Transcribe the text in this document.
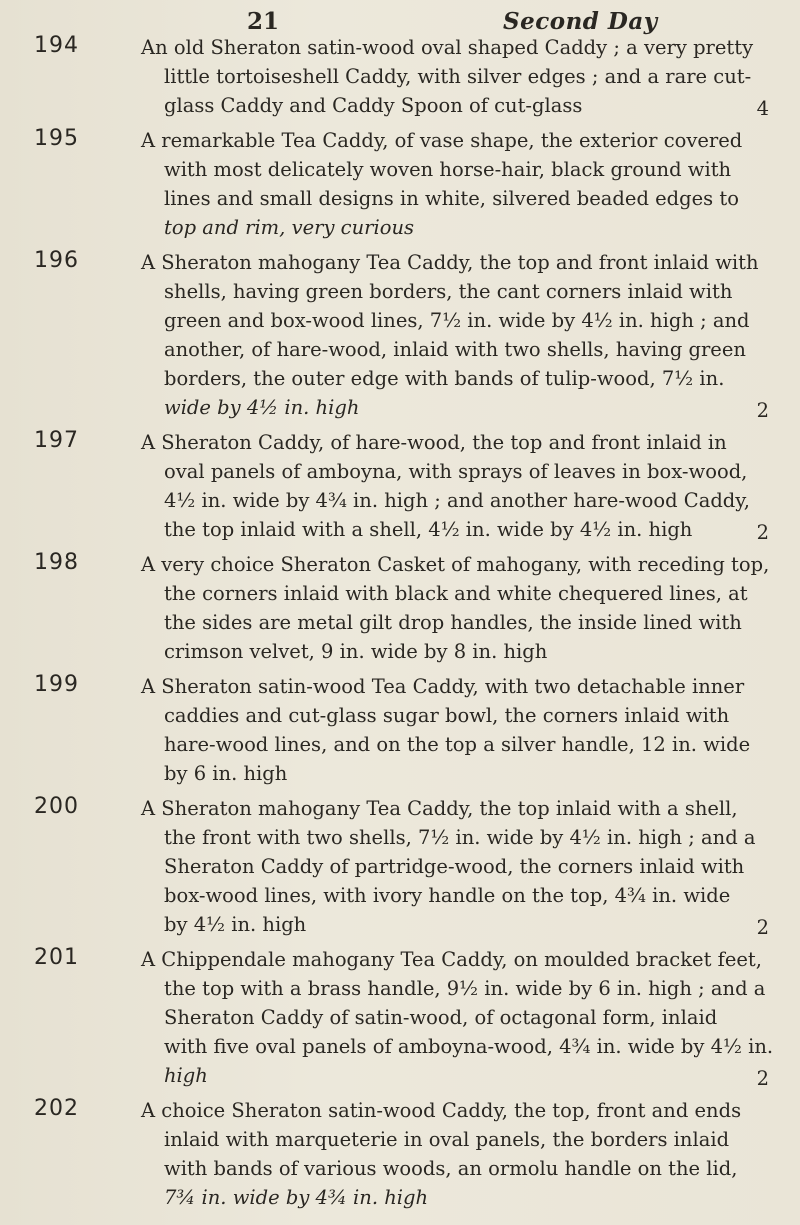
21	Second Day
194	An old Sheraton satin-wood oval shaped Caddy ; a very pretty
little tortoiseshell Caddy, with silver edges ; and a rare cut-
glass Caddy and Caddy Spoon of cut-glass	4
195	A remarkable Tea Caddy, of vase shape, the exterior covered
with most delicately woven horse-hair, black ground with
lines and small designs in white, silvered beaded edges to
top and rim, very curious
196	A Sheraton mahogany Tea Caddy, the top and front inlaid with
shells, having green borders, the cant corners inlaid with
green and box-wood lines, 7½ in. wide by 4½ in. high ; and
another, of hare-wood, inlaid with two shells, having green
borders, the outer edge with bands of tulip-wood, 7½ in.
wide by 4½ in. high	2
197	A Sheraton Caddy, of hare-wood, the top and front inlaid in
oval panels of amboyna, with sprays of leaves in box-wood,
4½ in. wide by 4¾ in. high ; and another hare-wood Caddy,
the top inlaid with a shell, 4½ in. wide by 4½ in. high	2
198	A very choice Sheraton Casket of mahogany, with receding top,
the corners inlaid with black and white chequered lines, at
the sides are metal gilt drop handles, the inside lined with
crimson velvet, 9 in. wide by 8 in. high
199	A Sheraton satin-wood Tea Caddy, with two detachable inner
caddies and cut-glass sugar bowl, the corners inlaid with
hare-wood lines, and on the top a silver handle, 12 in. wide
by 6 in. high
200	A Sheraton mahogany Tea Caddy, the top inlaid with a shell,
the front with two shells, 7½ in. wide by 4½ in. high ; and a
Sheraton Caddy of partridge-wood, the corners inlaid with
box-wood lines, with ivory handle on the top, 4¾ in. wide
by 4½ in. high	2
201	A Chippendale mahogany Tea Caddy, on moulded bracket feet,
the top with a brass handle, 9½ in. wide by 6 in. high ; and a
Sheraton Caddy of satin-wood, of octagonal form, inlaid
with five oval panels of amboyna-wood, 4¾ in. wide by 4½ in.
high	2
202	A choice Sheraton satin-wood Caddy, the top, front and ends
inlaid with marqueterie in oval panels, the borders inlaid
with bands of various woods, an ormolu handle on the lid,
7¾ in. wide by 4¾ in. high
